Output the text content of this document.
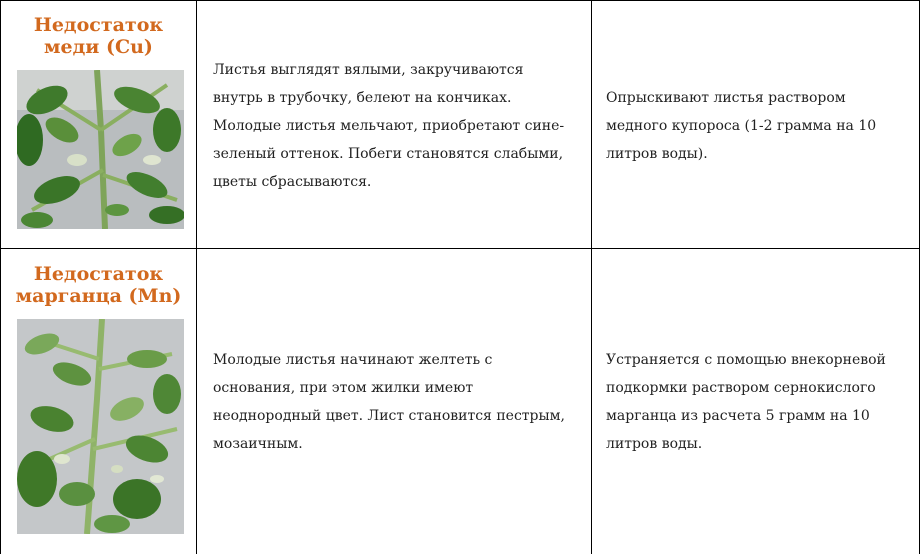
Недостаток
меди (Cu)
Листья выглядят вялыми, закручиваются внутрь в трубочку, белеют на кончиках. Молодые листья мельчают, приобретают сине-зеленый оттенок. Побеги становятся слабыми, цветы сбрасываются.
Опрыскивают листья раствором медного купороса (1-2 грамма на 10 литров воды).
Недостаток
марганца (Mn)
Молодые листья начинают желтеть с основания, при этом жилки имеют неоднородный цвет. Лист становится пестрым, мозаичным.
Устраняется с помощью внекорневой подкормки раствором сернокислого марганца из расчета 5 грамм на 10 литров воды.
